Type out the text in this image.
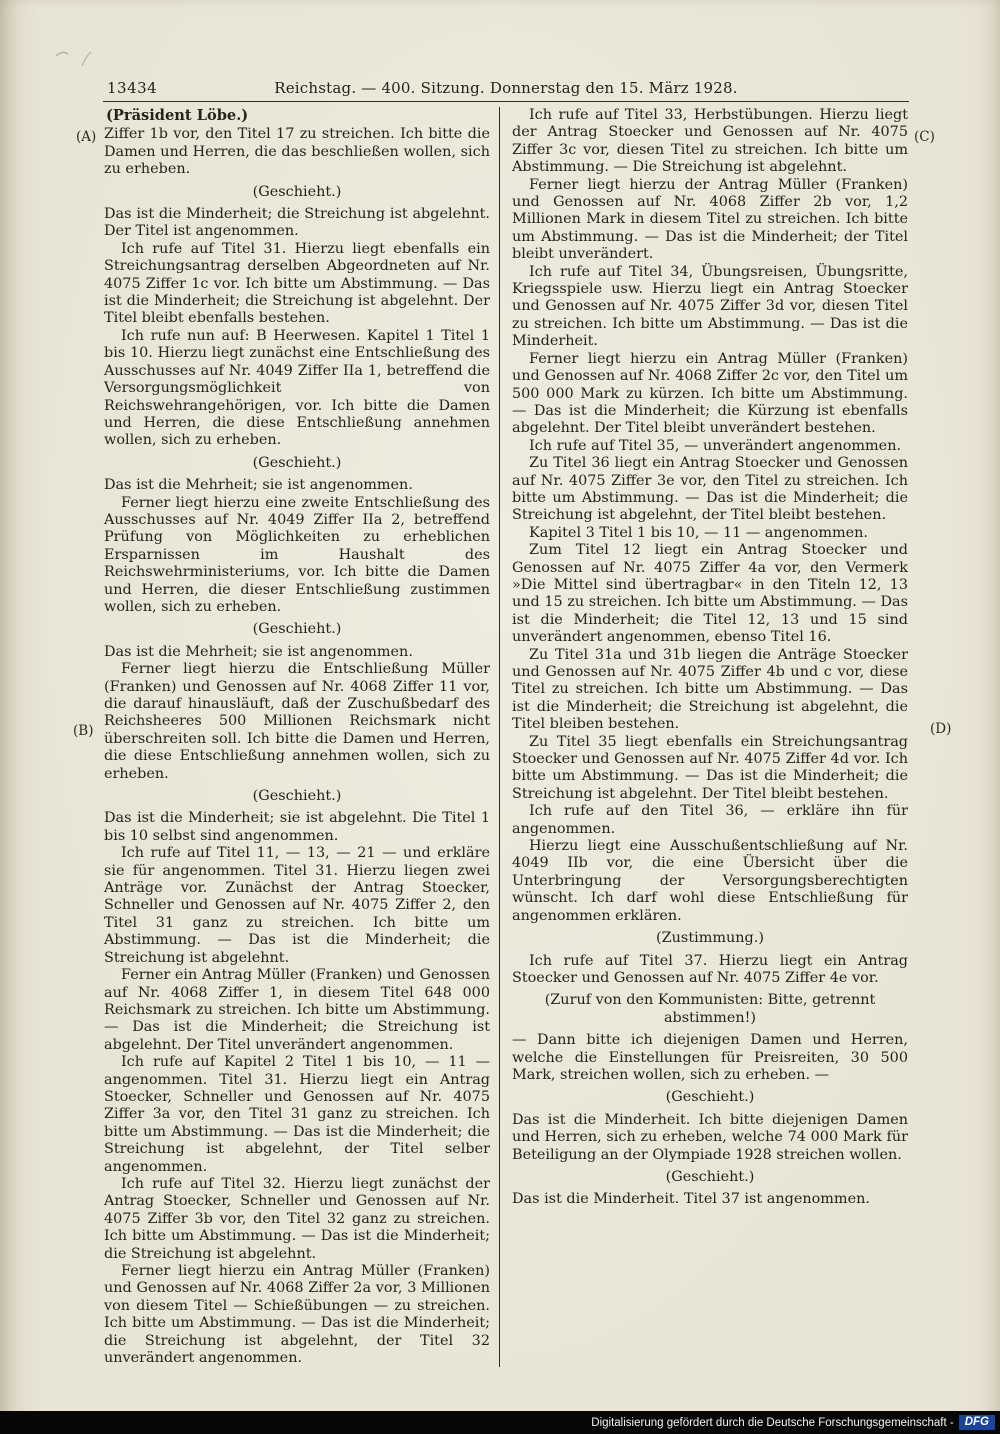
13434	Reichstag. — 400. Sitzung. Donnerstag den 15. März 1928.
(A)
(B)
(C)
(D)
(Präsident Löbe.)

Ziffer 1b vor, den Titel 17 zu streichen. Ich bitte die Damen und Herren, die das beschließen wollen, sich zu erheben.

(Geschieht.)

Das ist die Minderheit; die Streichung ist abgelehnt. Der Titel ist angenommen.

Ich rufe auf Titel 31. Hierzu liegt ebenfalls ein Streichungsantrag derselben Abgeordneten auf Nr. 4075 Ziffer 1c vor. Ich bitte um Abstimmung. — Das ist die Minderheit; die Streichung ist abgelehnt. Der Titel bleibt ebenfalls bestehen.

Ich rufe nun auf: B Heerwesen. Kapitel 1 Titel 1 bis 10. Hierzu liegt zunächst eine Entschließung des Ausschusses auf Nr. 4049 Ziffer IIa 1, betreffend die Versorgungsmöglichkeit von Reichswehrangehörigen, vor. Ich bitte die Damen und Herren, die diese Entschließung annehmen wollen, sich zu erheben.

(Geschieht.)

Das ist die Mehrheit; sie ist angenommen.

Ferner liegt hierzu eine zweite Entschließung des Ausschusses auf Nr. 4049 Ziffer IIa 2, betreffend Prüfung von Möglichkeiten zu erheblichen Ersparnissen im Haushalt des Reichswehrministeriums, vor. Ich bitte die Damen und Herren, die dieser Entschließung zustimmen wollen, sich zu erheben.

(Geschieht.)

Das ist die Mehrheit; sie ist angenommen.

Ferner liegt hierzu die Entschließung Müller (Franken) und Genossen auf Nr. 4068 Ziffer 11 vor, die darauf hinausläuft, daß der Zuschußbedarf des Reichsheeres 500 Millionen Reichsmark nicht überschreiten soll. Ich bitte die Damen und Herren, die diese Entschließung annehmen wollen, sich zu erheben.

(Geschieht.)

Das ist die Minderheit; sie ist abgelehnt. Die Titel 1 bis 10 selbst sind angenommen.

Ich rufe auf Titel 11, — 13, — 21 — und erkläre sie für angenommen. Titel 31. Hierzu liegen zwei Anträge vor. Zunächst der Antrag Stoecker, Schneller und Genossen auf Nr. 4075 Ziffer 2, den Titel 31 ganz zu streichen. Ich bitte um Abstimmung. — Das ist die Minderheit; die Streichung ist abgelehnt.

Ferner ein Antrag Müller (Franken) und Genossen auf Nr. 4068 Ziffer 1, in diesem Titel 648 000 Reichsmark zu streichen. Ich bitte um Abstimmung. — Das ist die Minderheit; die Streichung ist abgelehnt. Der Titel unverändert angenommen.

Ich rufe auf Kapitel 2 Titel 1 bis 10, — 11 — angenommen. Titel 31. Hierzu liegt ein Antrag Stoecker, Schneller und Genossen auf Nr. 4075 Ziffer 3a vor, den Titel 31 ganz zu streichen. Ich bitte um Abstimmung. — Das ist die Minderheit; die Streichung ist abgelehnt, der Titel selber angenommen.

Ich rufe auf Titel 32. Hierzu liegt zunächst der Antrag Stoecker, Schneller und Genossen auf Nr. 4075 Ziffer 3b vor, den Titel 32 ganz zu streichen. Ich bitte um Abstimmung. — Das ist die Minderheit; die Streichung ist abgelehnt.

Ferner liegt hierzu ein Antrag Müller (Franken) und Genossen auf Nr. 4068 Ziffer 2a vor, 3 Millionen von diesem Titel — Schießübungen — zu streichen. Ich bitte um Abstimmung. — Das ist die Minderheit; die Streichung ist abgelehnt, der Titel 32 unverändert angenommen.

Ich rufe auf Titel 33, Herbstübungen. Hierzu liegt der Antrag Stoecker und Genossen auf Nr. 4075 Ziffer 3c vor, diesen Titel zu streichen. Ich bitte um Abstimmung. — Die Streichung ist abgelehnt.

Ferner liegt hierzu der Antrag Müller (Franken) und Genossen auf Nr. 4068 Ziffer 2b vor, 1,2 Millionen Mark in diesem Titel zu streichen. Ich bitte um Abstimmung. — Das ist die Minderheit; der Titel bleibt unverändert.

Ich rufe auf Titel 34, Übungsreisen, Übungsritte, Kriegsspiele usw. Hierzu liegt ein Antrag Stoecker und Genossen auf Nr. 4075 Ziffer 3d vor, diesen Titel zu streichen. Ich bitte um Abstimmung. — Das ist die Minderheit.

Ferner liegt hierzu ein Antrag Müller (Franken) und Genossen auf Nr. 4068 Ziffer 2c vor, den Titel um 500 000 Mark zu kürzen. Ich bitte um Abstimmung. — Das ist die Minderheit; die Kürzung ist ebenfalls abgelehnt. Der Titel bleibt unverändert bestehen.

Ich rufe auf Titel 35, — unverändert angenommen.

Zu Titel 36 liegt ein Antrag Stoecker und Genossen auf Nr. 4075 Ziffer 3e vor, den Titel zu streichen. Ich bitte um Abstimmung. — Das ist die Minderheit; die Streichung ist abgelehnt, der Titel bleibt bestehen.

Kapitel 3 Titel 1 bis 10, — 11 — angenommen.

Zum Titel 12 liegt ein Antrag Stoecker und Genossen auf Nr. 4075 Ziffer 4a vor, den Vermerk »Die Mittel sind übertragbar« in den Titeln 12, 13 und 15 zu streichen. Ich bitte um Abstimmung. — Das ist die Minderheit; die Titel 12, 13 und 15 sind unverändert angenommen, ebenso Titel 16.

Zu Titel 31a und 31b liegen die Anträge Stoecker und Genossen auf Nr. 4075 Ziffer 4b und c vor, diese Titel zu streichen. Ich bitte um Abstimmung. — Das ist die Minderheit; die Streichung ist abgelehnt, die Titel bleiben bestehen.

Zu Titel 35 liegt ebenfalls ein Streichungsantrag Stoecker und Genossen auf Nr. 4075 Ziffer 4d vor. Ich bitte um Abstimmung. — Das ist die Minderheit; die Streichung ist abgelehnt. Der Titel bleibt bestehen.

Ich rufe auf den Titel 36, — erkläre ihn für angenommen.

Hierzu liegt eine Ausschußentschließung auf Nr. 4049 IIb vor, die eine Übersicht über die Unterbringung der Versorgungsberechtigten wünscht. Ich darf wohl diese Entschließung für angenommen erklären.

(Zustimmung.)

Ich rufe auf Titel 37. Hierzu liegt ein Antrag Stoecker und Genossen auf Nr. 4075 Ziffer 4e vor.

(Zuruf von den Kommunisten: Bitte, getrennt abstimmen!)

— Dann bitte ich diejenigen Damen und Herren, welche die Einstellungen für Preisreiten, 30 500 Mark, streichen wollen, sich zu erheben. —

(Geschieht.)

Das ist die Minderheit. Ich bitte diejenigen Damen und Herren, sich zu erheben, welche 74 000 Mark für Beteiligung an der Olympiade 1928 streichen wollen.

(Geschieht.)

Das ist die Minderheit. Titel 37 ist angenommen.

Digitalisierung gefördert durch die Deutsche Forschungsgemeinschaft - DFG
